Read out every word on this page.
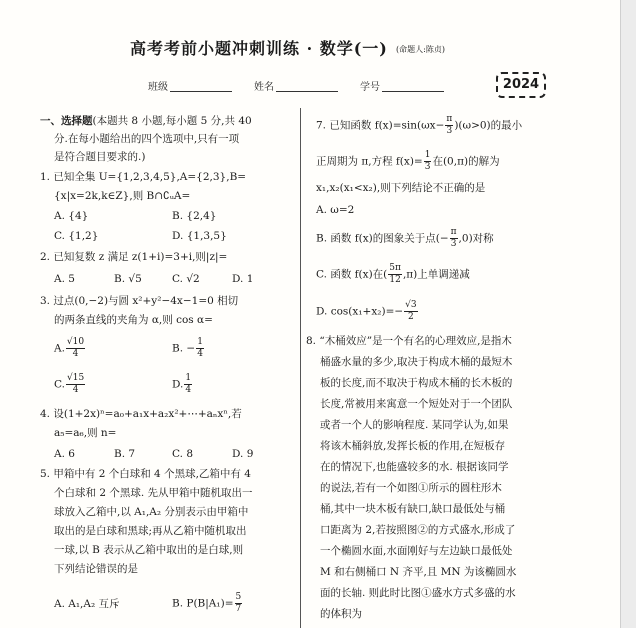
高考考前小题冲刺训练 · 数学(一) (命题人:陈贞)
班级	姓名	学号	2024
一、选择题(本题共 8 小题,每小题 5 分,共 40
分.在每小题给出的四个选项中,只有一项
是符合题目要求的.)
1. 已知全集 U={1,2,3,4,5},A={2,3},B=
{x|x=2k,k∈Z},则 B∩∁ᵤA=
A. {4}	B. {2,4}
C. {1,2}	D. {1,3,5}
2. 已知复数 z 满足 z(1+i)=3+i,则|z|=
A. 5	B. √5	C. √2	D. 1
3. 过点(0,−2)与圆 x²+y²−4x−1=0 相切
的两条直线的夹角为 α,则 cos α=
A. $\frac{√10}{4}$	B. − $\frac{1}{4}$
C. $\frac{√15}{4}$	D. $\frac{1}{4}$
4. 设(1+2x)ⁿ=a₀+a₁x+a₂x²+⋯+aₙxⁿ,若
a₅=a₆,则 n=
A. 6	B. 7	C. 8	D. 9
5. 甲箱中有 2 个白球和 4 个黑球,乙箱中有 4
个白球和 2 个黑球. 先从甲箱中随机取出一
球放入乙箱中,以 A₁,A₂ 分别表示由甲箱中
取出的是白球和黑球;再从乙箱中随机取出
一球,以 B 表示从乙箱中取出的是白球,则
下列结论错误的是
A. A₁,A₂ 互斥	B. $P(B|A_1)= \frac{5}{7}$
7. 已知函数 $f(x)=\sin(\omega x- \frac{\pi}{3} )(\omega>0)$的最小
正周期为 π,方程 $f(x)= \frac{1}{3}$ 在(0,π)的解为
x₁,x₂(x₁<x₂),则下列结论不正确的是
A. ω=2
B. 函数 f(x)的图象关于点(− $\frac{\pi}{3} ,0$)对称
C. 函数 f(x)在( $\frac{5\pi}{12} ,\pi$)上单调递减
D. $\cos(x_1+x_2)=- \frac{√3}{2}$
8. “木桶效应”是一个有名的心理效应,是指木
桶盛水量的多少,取决于构成木桶的最短木
板的长度,而不取决于构成木桶的长木板的
长度,常被用来寓意一个短处对于一个团队
或者一个人的影响程度. 某同学认为,如果
将该木桶斜放,发挥长板的作用,在短板存
在的情况下,也能盛较多的水. 根据该同学
的说法,若有一个如图①所示的圆柱形木
桶,其中一块木板有缺口,缺口最低处与桶
口距离为 2,若按照图②的方式盛水,形成了
一个椭圆水面,水面刚好与左边缺口最低处
M 和右侧桶口 N 齐平,且 MN 为该椭圆水
面的长轴. 则此时比图①盛水方式多盛的水
的体积为
